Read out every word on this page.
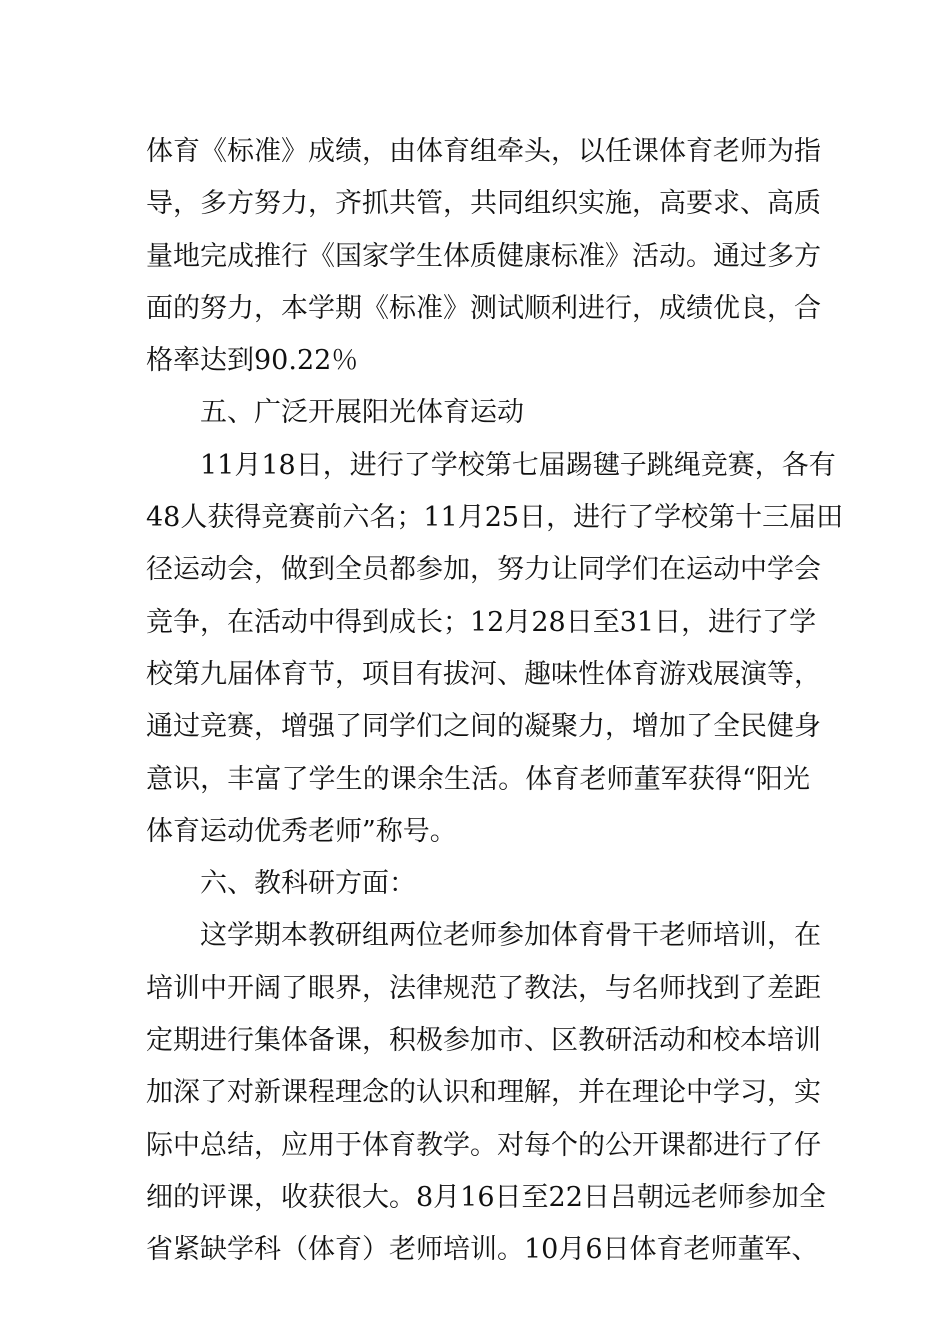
体育《标准》成绩，由体育组牵头，以任课体育老师为指
导，多方努力，齐抓共管，共同组织实施，高要求、高质
量地完成推行《国家学生体质健康标准》活动。通过多方
面的努力，本学期《标准》测试顺利进行，成绩优良，合
格率达到90.22％
五、广泛开展阳光体育运动
11月18日，进行了学校第七届踢毽子跳绳竞赛，各有
48人获得竞赛前六名；11月25日，进行了学校第十三届田
径运动会，做到全员都参加，努力让同学们在运动中学会
竞争，在活动中得到成长；12月28日至31日，进行了学
校第九届体育节，项目有拔河、趣味性体育游戏展演等，
通过竞赛，增强了同学们之间的凝聚力，增加了全民健身
意识，丰富了学生的课余生活。体育老师董军获得“阳光
体育运动优秀老师”称号。
六、教科研方面：
这学期本教研组两位老师参加体育骨干老师培训，在
培训中开阔了眼界，法律规范了教法，与名师找到了差距
定期进行集体备课，积极参加市、区教研活动和校本培训
加深了对新课程理念的认识和理解，并在理论中学习，实
际中总结，应用于体育教学。对每个的公开课都进行了仔
细的评课，收获很大。8月16日至22日吕朝远老师参加全
省紧缺学科（体育）老师培训。10月6日体育老师董军、
